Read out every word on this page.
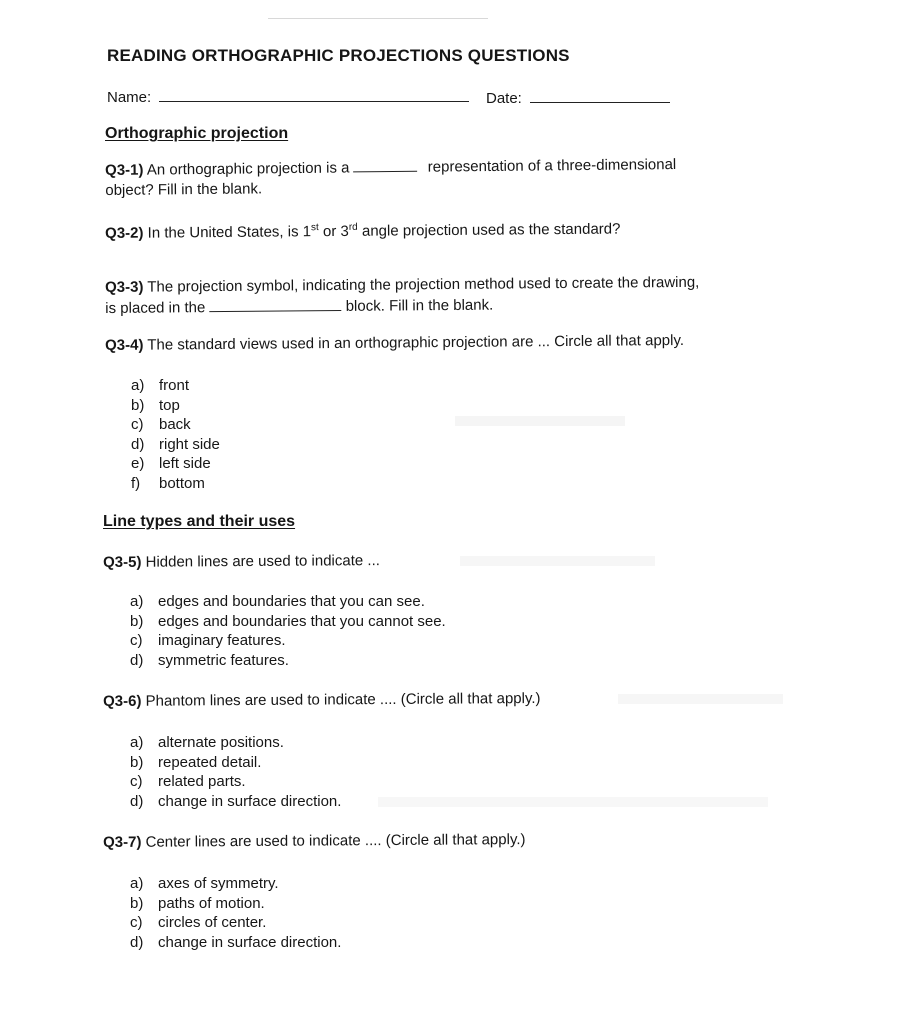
READING ORTHOGRAPHIC PROJECTIONS QUESTIONS
Name:	Date:
Orthographic projection
Q3-1) An orthographic projection is a	representation of a three-dimensional
object? Fill in the blank.
Q3-2) In the United States, is 1st or 3rd angle projection used as the standard?
Q3-3) The projection symbol, indicating the projection method used to create the drawing,
is placed in the	block. Fill in the blank.
Q3-4) The standard views used in an orthographic projection are ... Circle all that apply.
a) front
b) top
c) back
d) right side
e) left side
f) bottom
Line types and their uses
Q3-5) Hidden lines are used to indicate ...
a) edges and boundaries that you can see.
b) edges and boundaries that you cannot see.
c) imaginary features.
d) symmetric features.
Q3-6) Phantom lines are used to indicate .... (Circle all that apply.)
a) alternate positions.
b) repeated detail.
c) related parts.
d) change in surface direction.
Q3-7) Center lines are used to indicate .... (Circle all that apply.)
a) axes of symmetry.
b) paths of motion.
c) circles of center.
d) change in surface direction.
